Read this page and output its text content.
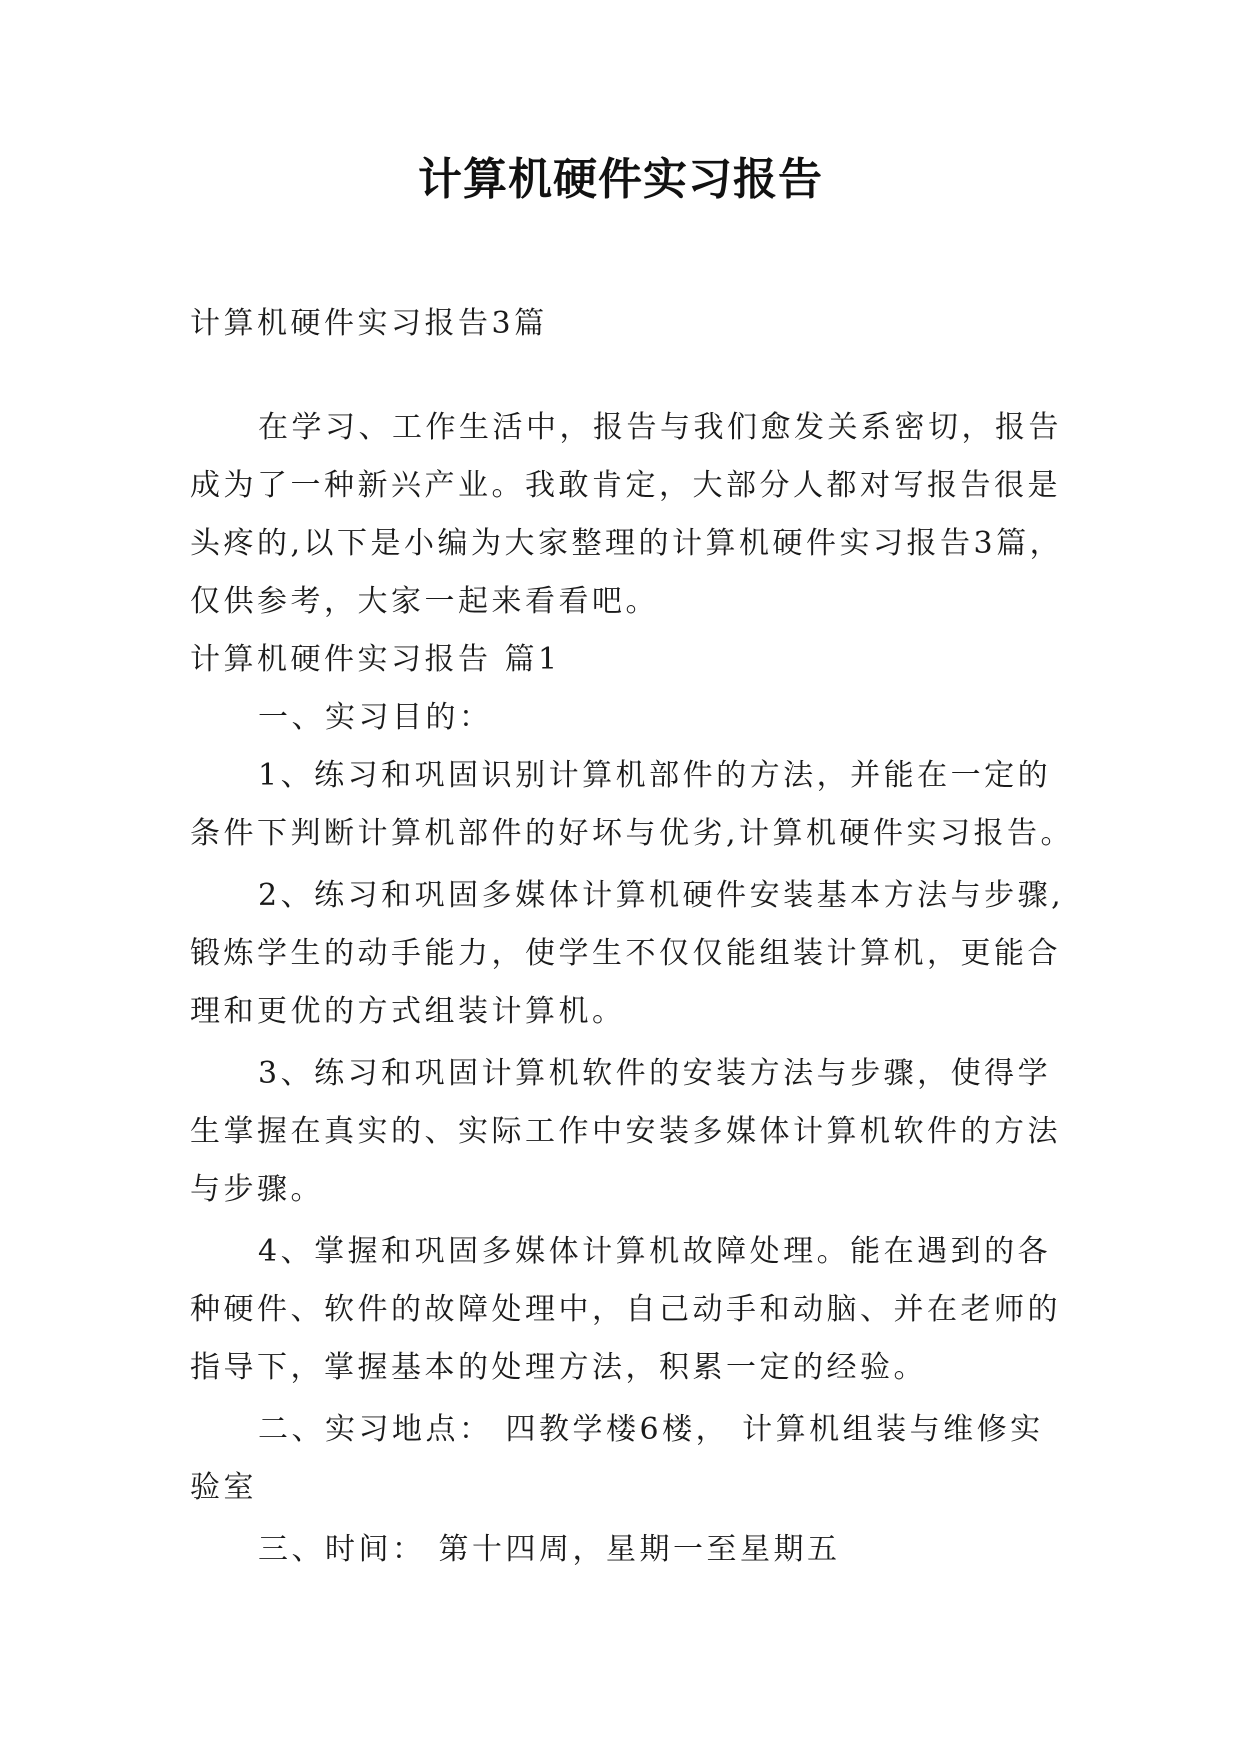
计算机硬件实习报告

计算机硬件实习报告3篇

在学习、工作生活中，报告与我们愈发关系密切，报告

成为了一种新兴产业。我敢肯定，大部分人都对写报告很是

头疼的,以下是小编为大家整理的计算机硬件实习报告3篇，

仅供参考，大家一起来看看吧。

计算机硬件实习报告 篇1

一、实习目的：

1、练习和巩固识别计算机部件的方法，并能在一定的

条件下判断计算机部件的好坏与优劣,计算机硬件实习报告。

2、练习和巩固多媒体计算机硬件安装基本方法与步骤,

锻炼学生的动手能力，使学生不仅仅能组装计算机，更能合

理和更优的方式组装计算机。

3、练习和巩固计算机软件的安装方法与步骤，使得学

生掌握在真实的、实际工作中安装多媒体计算机软件的方法

与步骤。

4、掌握和巩固多媒体计算机故障处理。能在遇到的各

种硬件、软件的故障处理中，自己动手和动脑、并在老师的

指导下，掌握基本的处理方法，积累一定的经验。

二、实习地点： 四教学楼6楼， 计算机组装与维修实

验室

三、时间： 第十四周，星期一至星期五
